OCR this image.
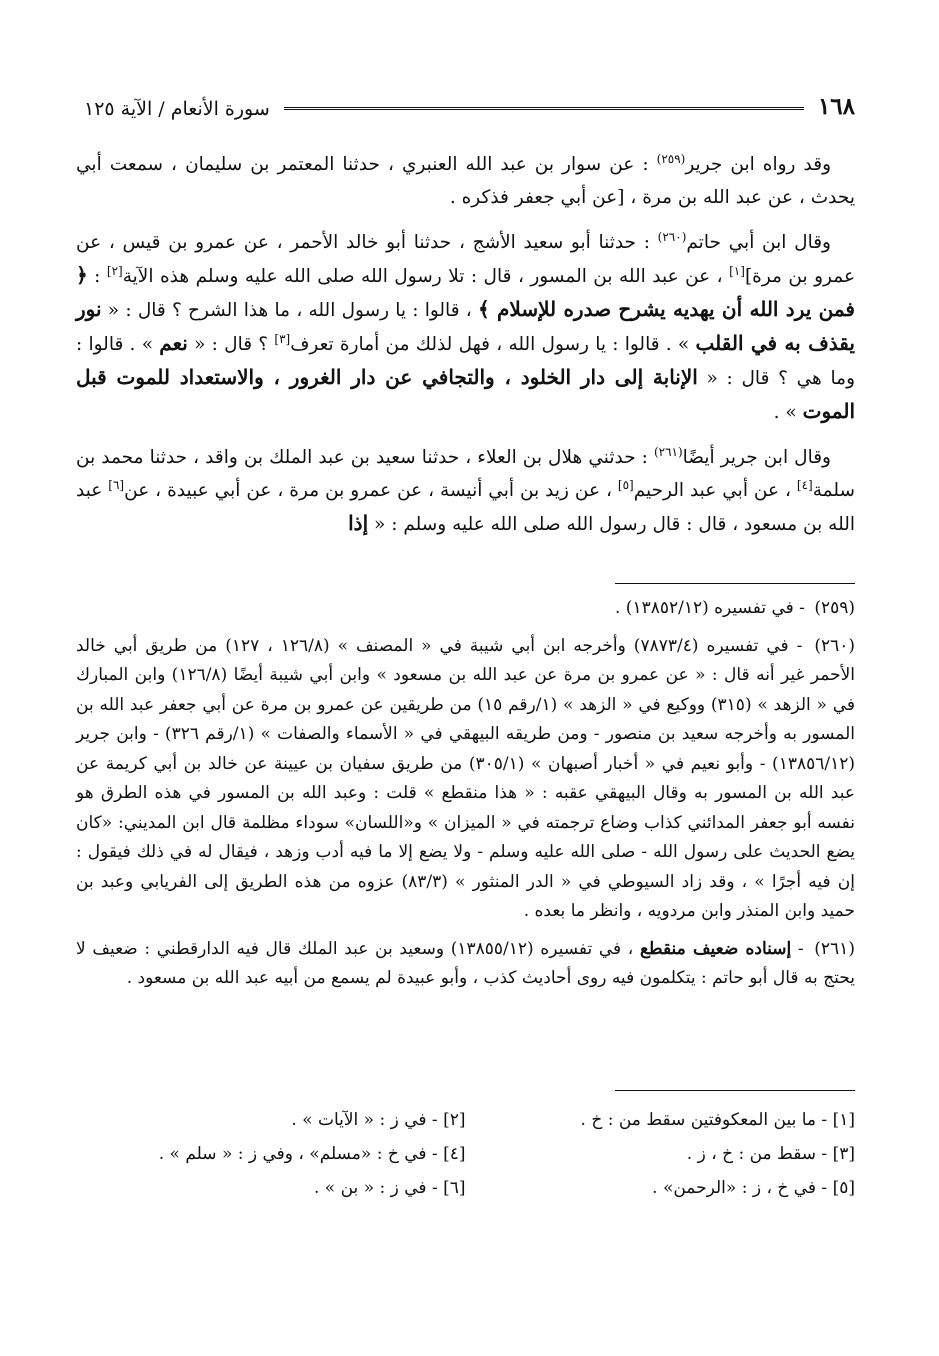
١٦٨
سورة الأنعام / الآية ١٢٥

وقد رواه ابن جرير$^{(٢٥٩)}$ : عن سوار بن عبد الله العنبري ، حدثنا المعتمر بن سليمان ، سمعت أبي يحدث ، عن عبد الله بن مرة ، [عن أبي جعفر فذكره .

وقال ابن أبي حاتم$^{(٢٦٠)}$ : حدثنا أبو سعيد الأشج ، حدثنا أبو خالد الأحمر ، عن عمرو بن قيس ، عن عمرو بن مرة][١] ، عن عبد الله بن المسور ، قال : تلا رسول الله صلى الله عليه وسلم هذه الآية[٢] : ﴿ فمن يرد الله أن يهديه يشرح صدره للإسلام ﴾ ، قالوا : يا رسول الله ، ما هذا الشرح ؟ قال : « نور يقذف به في القلب » . قالوا : يا رسول الله ، فهل لذلك من أمارة تعرف[٣] ؟ قال : « نعم » . قالوا : وما هي ؟ قال : « الإنابة إلى دار الخلود ، والتجافي عن دار الغرور ، والاستعداد للموت قبل الموت » .

وقال ابن جرير أيضًا$^{(٢٦١)}$ : حدثني هلال بن العلاء ، حدثنا سعيد بن عبد الملك بن واقد ، حدثنا محمد بن سلمة[٤] ، عن أبي عبد الرحيم[٥] ، عن زيد بن أبي أنيسة ، عن عمرو بن مرة ، عن أبي عبيدة ، عن[٦] عبد الله بن مسعود ، قال : قال رسول الله صلى الله عليه وسلم : « إذا

(٢٥٩) - في تفسيره (١٣٨٥٢/١٢) .
(٢٦٠) - في تفسيره (٧٨٧٣/٤) وأخرجه ابن أبي شيبة في « المصنف » (١٢٦/٨ ، ١٢٧) من طريق أبي خالد الأحمر غير أنه قال : « عن عمرو بن مرة عن عبد الله بن مسعود » وابن أبي شيبة أيضًا (١٢٦/٨) وابن المبارك في « الزهد » (٣١٥) ووكيع في « الزهد » (١/رقم ١٥) من طريقين عن عمرو بن مرة عن أبي جعفر عبد الله بن المسور به وأخرجه سعيد بن منصور - ومن طريقه البيهقي في « الأسماء والصفات » (١/رقم ٣٢٦) - وابن جرير (١٣٨٥٦/١٢) - وأبو نعيم في « أخبار أصبهان » (٣٠٥/١) من طريق سفيان بن عيينة عن خالد بن أبي كريمة عن عبد الله بن المسور به وقال البيهقي عقبه : « هذا منقطع » قلت : وعبد الله بن المسور في هذه الطرق هو نفسه أبو جعفر المدائني كذاب وضاع ترجمته في « الميزان » و«اللسان» سوداء مظلمة قال ابن المديني: «كان يضع الحديث على رسول الله - صلى الله عليه وسلم - ولا يضع إلا ما فيه أدب وزهد ، فيقال له في ذلك فيقول : إن فيه أجرًا » ، وقد زاد السيوطي في « الدر المنثور » (٨٣/٣) عزوه من هذه الطريق إلى الفريابي وعبد بن حميد وابن المنذر وابن مردويه ، وانظر ما بعده .
(٢٦١) - إسناده ضعيف منقطع ، في تفسيره (١٣٨٥٥/١٢) وسعيد بن عبد الملك قال فيه الدارقطني : ضعيف لا يحتج به قال أبو حاتم : يتكلمون فيه روى أحاديث كذب ، وأبو عبيدة لم يسمع من أبيه عبد الله بن مسعود .
[١] - ما بين المعكوفتين سقط من : خ .
[٢] - في ز : « الآيات » .
[٣] - سقط من : خ ، ز .
[٤] - في خ : «مسلم» ، وفي ز : « سلم » .
[٥] - في خ ، ز : «الرحمن» .
[٦] - في ز : « بن » .
